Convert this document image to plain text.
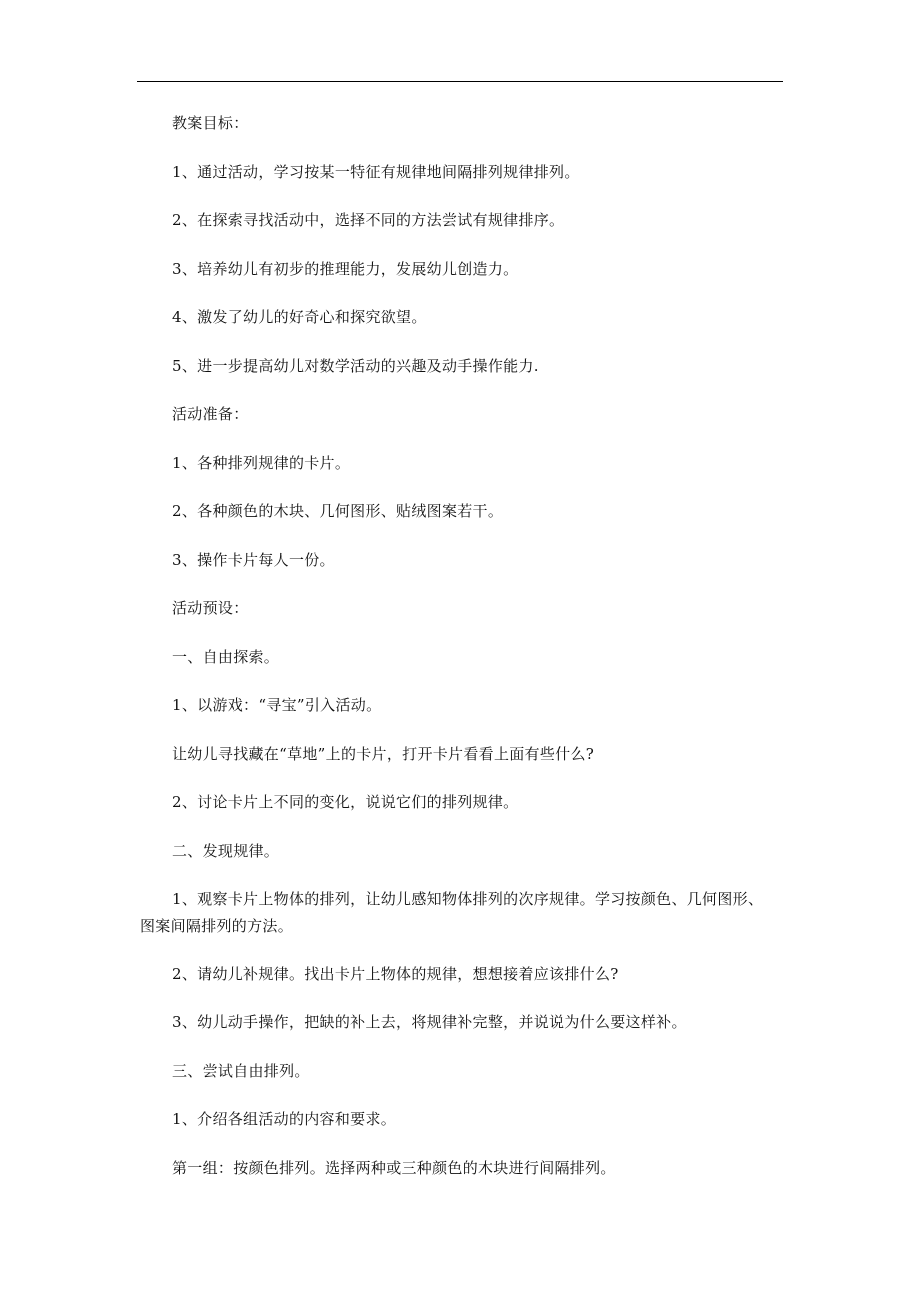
教案目标：
1、通过活动，学习按某一特征有规律地间隔排列规律排列。
2、在探索寻找活动中，选择不同的方法尝试有规律排序。
3、培养幼儿有初步的推理能力，发展幼儿创造力。
4、激发了幼儿的好奇心和探究欲望。
5、进一步提高幼儿对数学活动的兴趣及动手操作能力.
活动准备：
1、各种排列规律的卡片。
2、各种颜色的木块、几何图形、贴绒图案若干。
3、操作卡片每人一份。
活动预设：
一、自由探索。
1、以游戏：“寻宝”引入活动。
让幼儿寻找藏在“草地”上的卡片，打开卡片看看上面有些什么?
2、讨论卡片上不同的变化，说说它们的排列规律。
二、发现规律。
1、观察卡片上物体的排列，让幼儿感知物体排列的次序规律。学习按颜色、几何图形、
图案间隔排列的方法。
2、请幼儿补规律。找出卡片上物体的规律，想想接着应该排什么?
3、幼儿动手操作，把缺的补上去，将规律补完整，并说说为什么要这样补。
三、尝试自由排列。
1、介绍各组活动的内容和要求。
第一组：按颜色排列。选择两种或三种颜色的木块进行间隔排列。
